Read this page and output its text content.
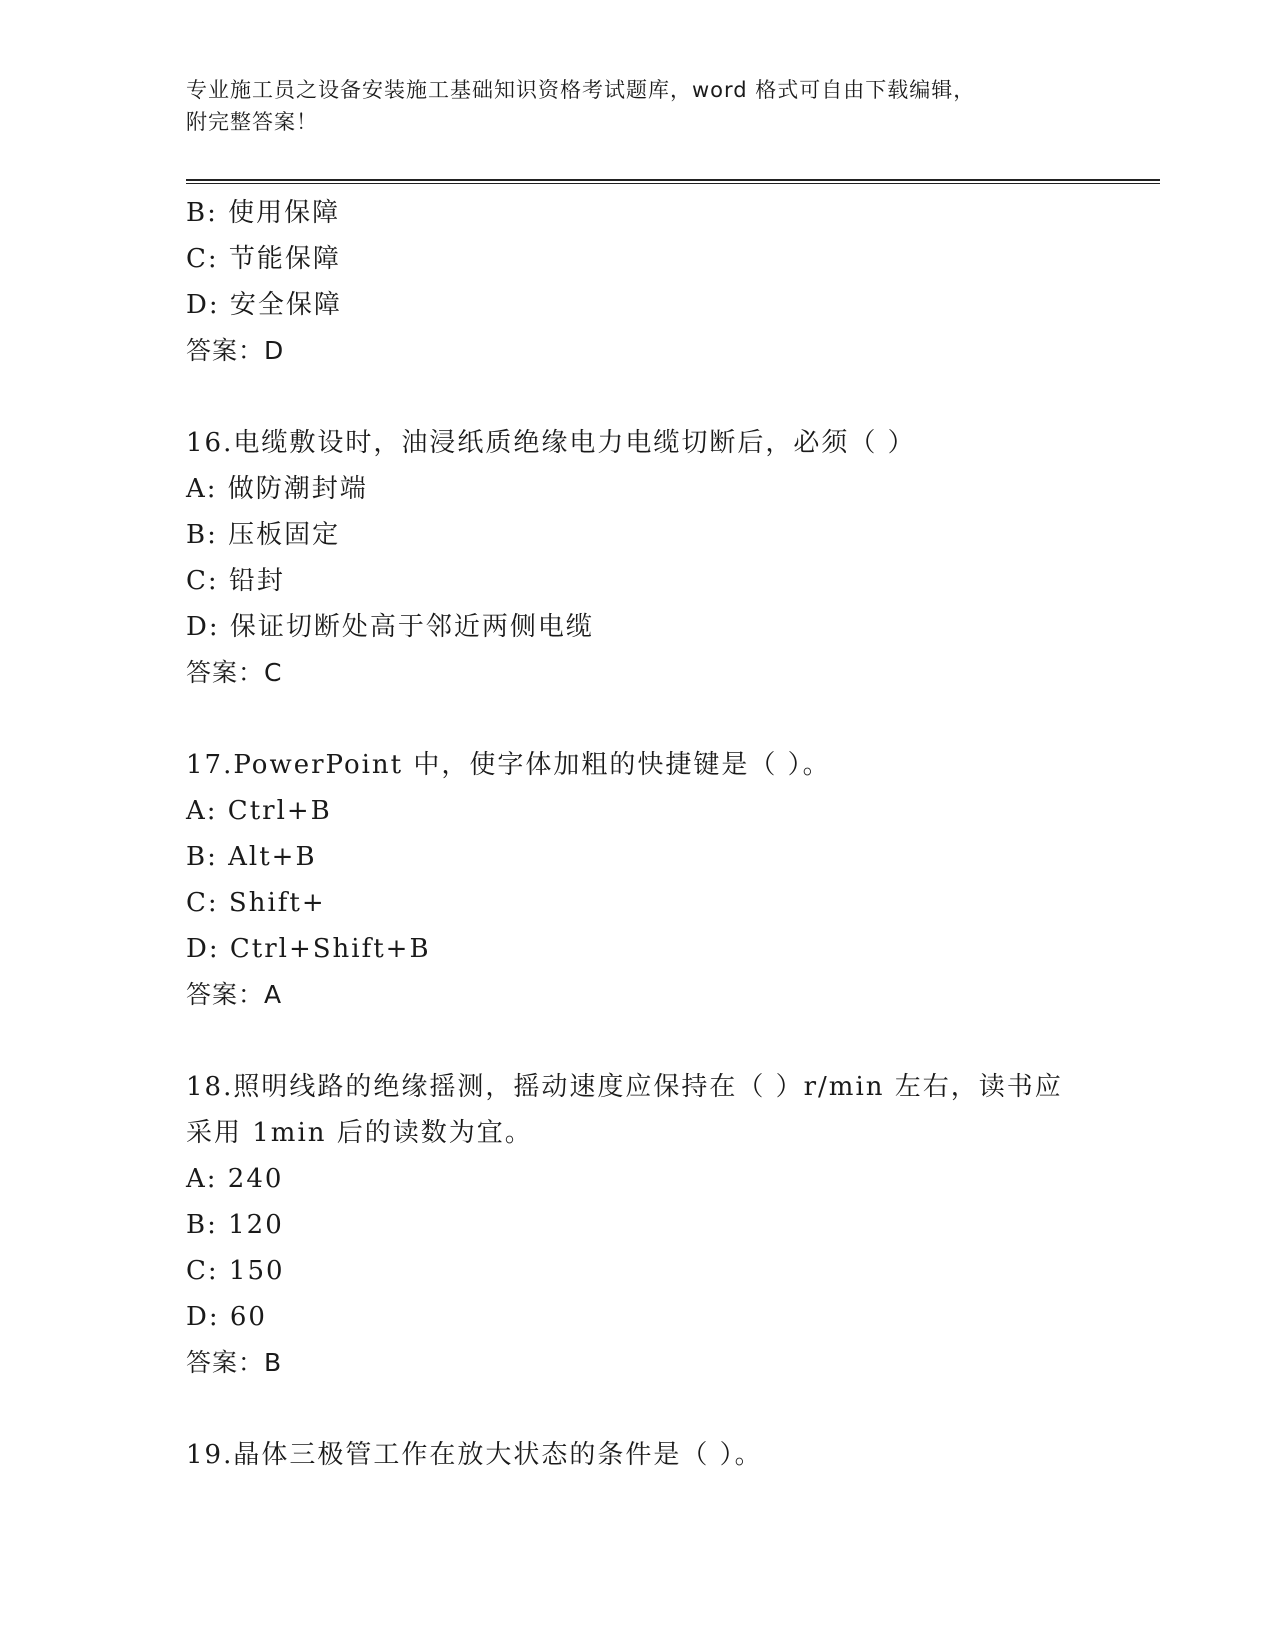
专业施工员之设备安装施工基础知识资格考试题库，word 格式可自由下载编辑，
附完整答案！
B: 使用保障
C: 节能保障
D: 安全保障
答案：D
16.电缆敷设时，油浸纸质绝缘电力电缆切断后，必须（ ）
A: 做防潮封端
B: 压板固定
C: 铅封
D: 保证切断处高于邻近两侧电缆
答案：C
17.PowerPoint 中，使字体加粗的快捷键是（ ）。
A: Ctrl+B
B: Alt+B
C: Shift+
D: Ctrl+Shift+B
答案：A
18.照明线路的绝缘摇测，摇动速度应保持在（ ）r/min 左右，读书应
采用 1min 后的读数为宜。
A: 240
B: 120
C: 150
D: 60
答案：B
19.晶体三极管工作在放大状态的条件是（ ）。
